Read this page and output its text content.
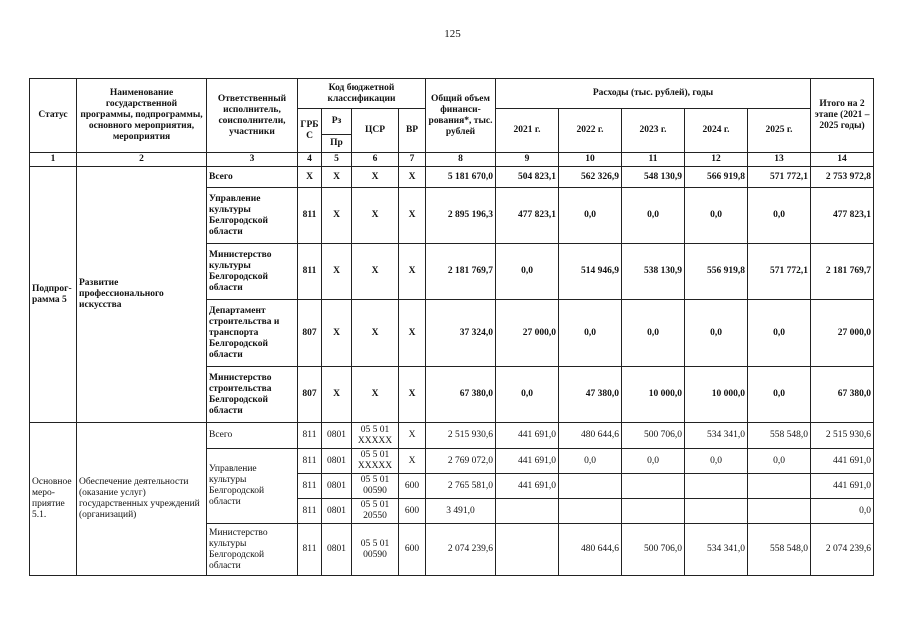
125
Статус	Наименование государственной программы, подпрограммы, основного мероприятия, мероприятия	Ответственный исполнитель, соисполнители, участники	Код бюджетной классификации				Общий объем финанси- рования*, тыс. рублей	Расходы (тыс. рублей), годы					Итого на 2 этапе (2021 – 2025 годы)
			ГРБ С	Рз	ЦСР	ВР		2021 г.	2022 г.	2023 г.	2024 г.	2025 г.	
				Пр									
1	2	3	4	5	6	7	8	9	10	11	12	13	14
Подпрог- рамма 5	Развитие профессионального искусства	Всего	X	X	X	X	5 181 670,0	504 823,1	562 326,9	548 130,9	566 919,8	571 772,1	2 753 972,8
		Управление культуры Белгородской области	811	X	X	X	2 895 196,3	477 823,1	0,0	0,0	0,0	0,0	477 823,1
		Министерство культуры Белгородской области	811	X	X	X	2 181 769,7	0,0	514 946,9	538 130,9	556 919,8	571 772,1	2 181 769,7
		Департамент строительства и транспорта Белгородской области	807	X	X	X	37 324,0	27 000,0	0,0	0,0	0,0	0,0	27 000,0
		Министерство строительства Белгородской области	807	X	X	X	67 380,0	0,0	47 380,0	10 000,0	10 000,0	0,0	67 380,0
Основное меро- приятие 5.1.	Обеспечение деятельности (оказание услуг) государственных учреждений (организаций)	Всего	811	0801	05 5 01 XXXXX	X	2 515 930,6	441 691,0	480 644,6	500 706,0	534 341,0	558 548,0	2 515 930,6
		Управление культуры Белгородской области	811	0801	05 5 01 XXXXX	X	2 769 072,0	441 691,0	0,0	0,0	0,0	0,0	441 691,0
			811	0801	05 5 01 00590	600	2 765 581,0	441 691,0					441 691,0
			811	0801	05 5 01 20550	600	3 491,0						0,0
		Министерство культуры Белгородской области	811	0801	05 5 01 00590	600	2 074 239,6		480 644,6	500 706,0	534 341,0	558 548,0	2 074 239,6
